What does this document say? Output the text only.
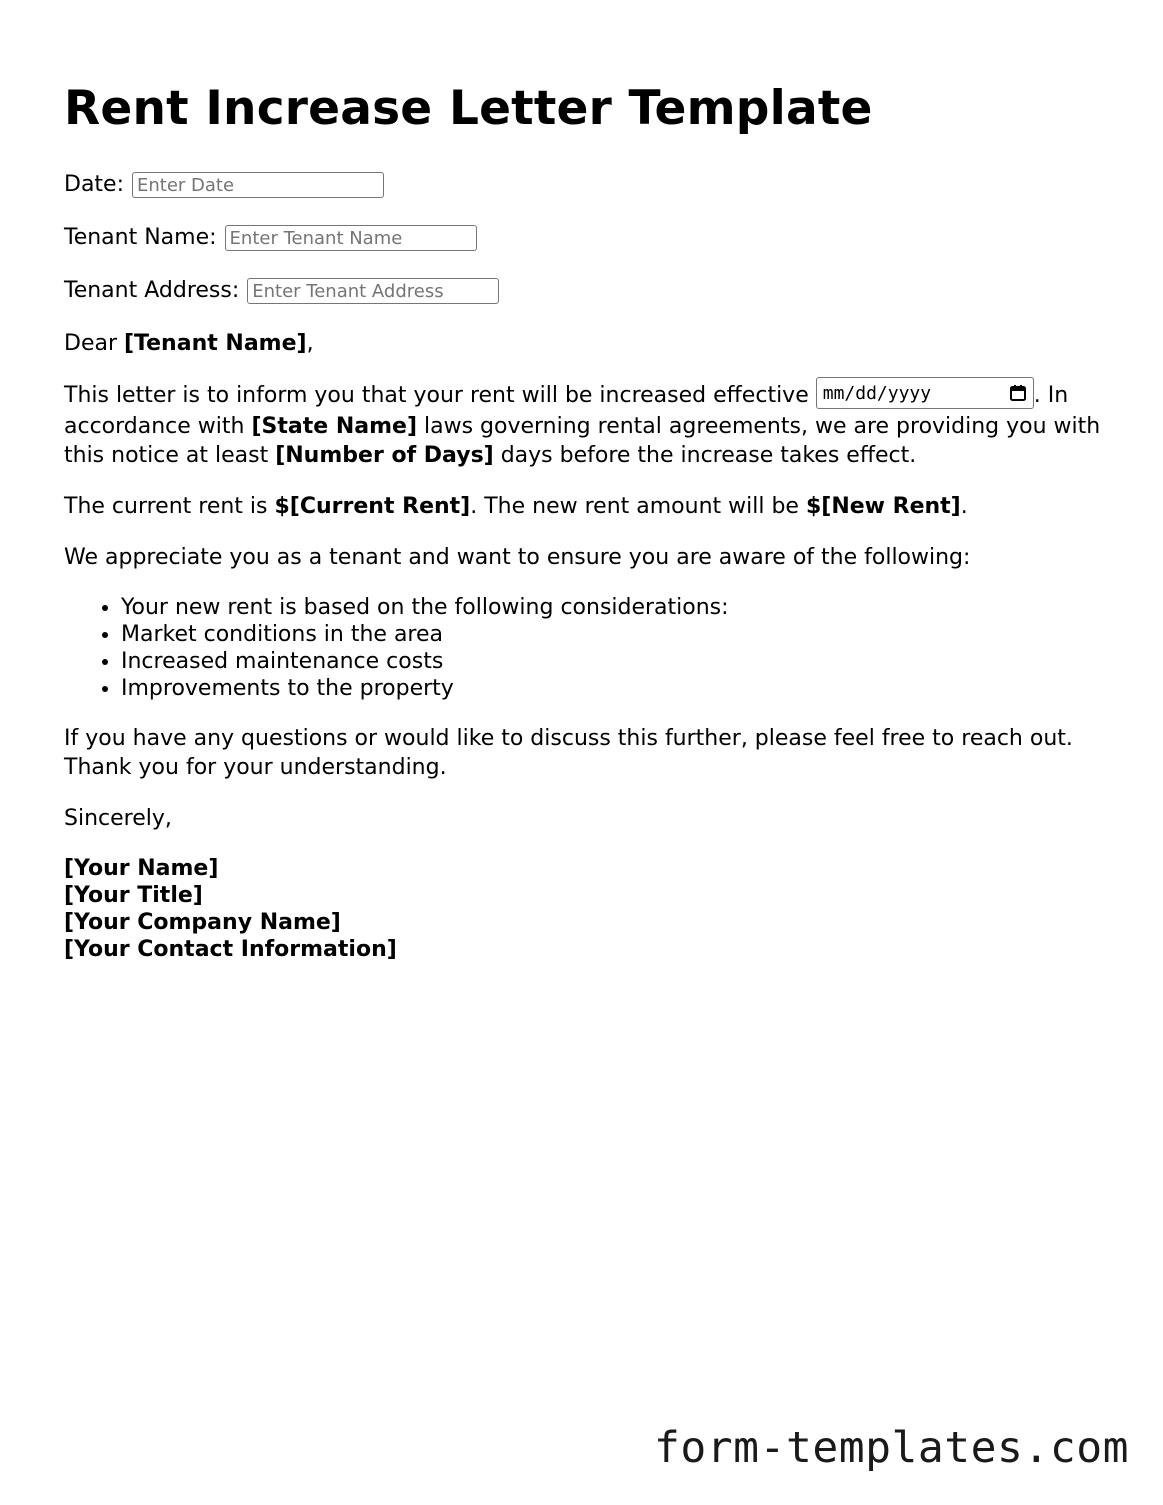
Rent Increase Letter Template
Date:
Enter Date
Tenant Name:
Enter Tenant Name
Tenant Address:
Enter Tenant Address

Dear [Tenant Name],

This letter is to inform you that your rent will be increased effective mm/dd/yyyy	. In accordance with [State Name] laws governing rental agreements, we are providing you with this notice at least [Number of Days] days before the increase takes effect.

The current rent is $[Current Rent]. The new rent amount will be $[New Rent].

We appreciate you as a tenant and want to ensure you are aware of the following:

• Your new rent is based on the following considerations:
• Market conditions in the area
• Increased maintenance costs
• Improvements to the property

If you have any questions or would like to discuss this further, please feel free to reach out. Thank you for your understanding.

Sincerely,

[Your Name]

[Your Title]

[Your Company Name]

[Your Contact Information]

form-templates.com
